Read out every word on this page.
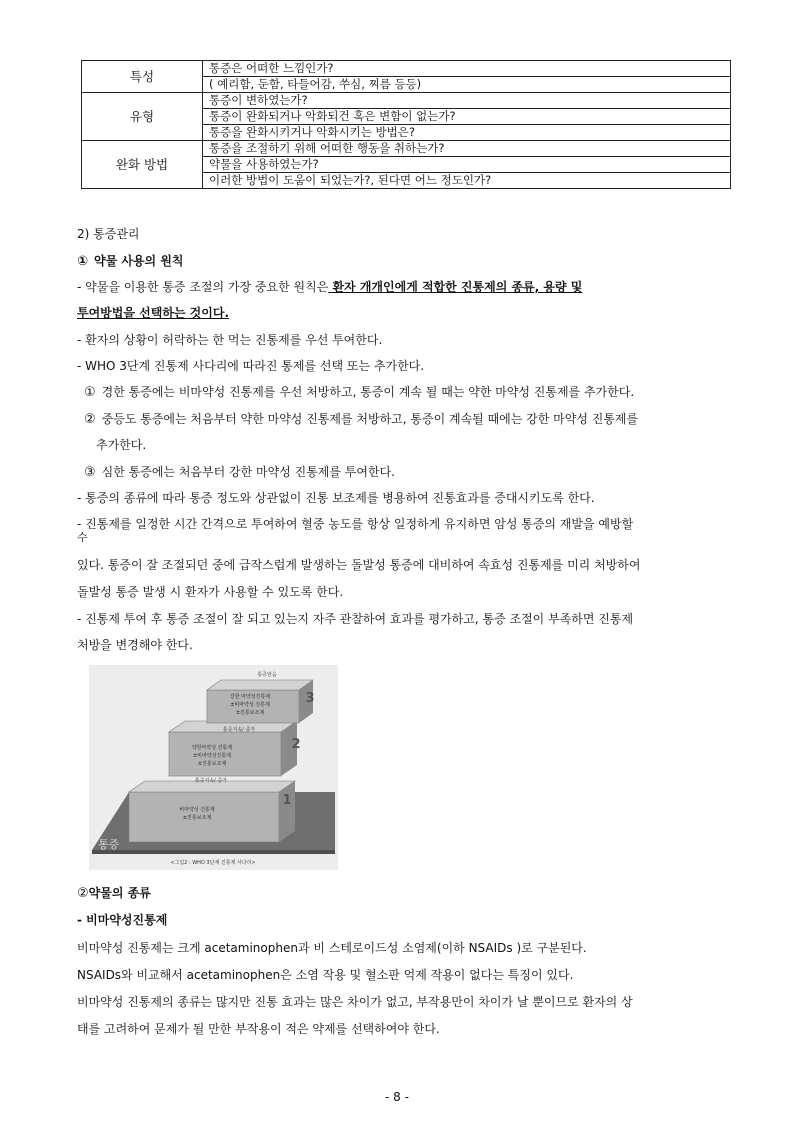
특성	통증은 어떠한 느낌인가?
	( 예리함, 둔함, 타들어감, 쑤심, 찌름 등등)
유형	통증이 변하였는가?
	통증이 완화되거나 악화되건 혹은 변함이 없는가?
	통증을 완화시키거나 악화시키는 방법은?
완화 방법	통증을 조절하기 위해 어떠한 행동을 취하는가?
	약물을 사용하였는가?
	이러한 방법이 도움이 되었는가?, 된다면 어느 정도인가?
2) 통증관리
① 약물 사용의 원칙
- 약물을 이용한 통증 조절의 가장 중요한 원칙은 환자 개개인에게 적합한 진통제의 종류, 용량 및
투여방법을 선택하는 것이다.
- 환자의 상황이 허락하는 한 먹는 진통제를 우선 투여한다.
- WHO 3단계 진통제 사다리에 따라진 통제를 선택 또는 추가한다.
① 경한 통증에는 비마약성 진통제를 우선 처방하고, 통증이 계속 될 때는 약한 마약성 진통제를 추가한다.
② 중등도 통증에는 처음부터 약한 마약성 진통제를 처방하고, 통증이 계속될 때에는 강한 마약성 진통제를
추가한다.
③ 심한 통증에는 처음부터 강한 마약성 진통제를 투여한다.
- 통증의 종류에 따라 통증 정도와 상관없이 진통 보조제를 병용하여 진통효과를 증대시키도록 한다.
- 진통제를 일정한 시간 간격으로 투여하여 혈중 농도를 항상 일정하게 유지하면 암성 통증의 재발을 예방할
수
있다. 통증이 잘 조절되던 중에 급작스럽게 발생하는 돌발성 통증에 대비하여 속효성 진통제를 미리 처방하여
돌발성 통증 발생 시 환자가 사용할 수 있도록 한다.
- 진통제 투여 후 통증 조절이 잘 되고 있는지 자주 관찰하여 효과를 평가하고, 통증 조절이 부족하면 진통제
처방을 변경해야 한다.
통증암음
강한 마약성진통제
±비마약성 진통제
±진통보조제
3
통증지속/ 증가
약한마약성 진통제
±비마약성진통제
±진통보조제
2
통증지속/ 증가
비마약성 진통제
±진통보조제
1
통증
<그림2 : WHO 3단계 진통제 사다리>
②약물의 종류
- 비마약성진통제
비마약성 진통제는 크게 acetaminophen과 비 스테로이드성 소염제(이하 NSAIDs )로 구분된다.
NSAIDs와 비교해서 acetaminophen은 소염 작용 및 혈소판 억제 작용이 없다는 특징이 있다.
비마약성 진통제의 종류는 많지만 진통 효과는 많은 차이가 없고, 부작용만이 차이가 날 뿐이므로 환자의 상
태를 고려하여 문제가 될 만한 부작용이 적은 약제를 선택하여야 한다.
- 8 -
